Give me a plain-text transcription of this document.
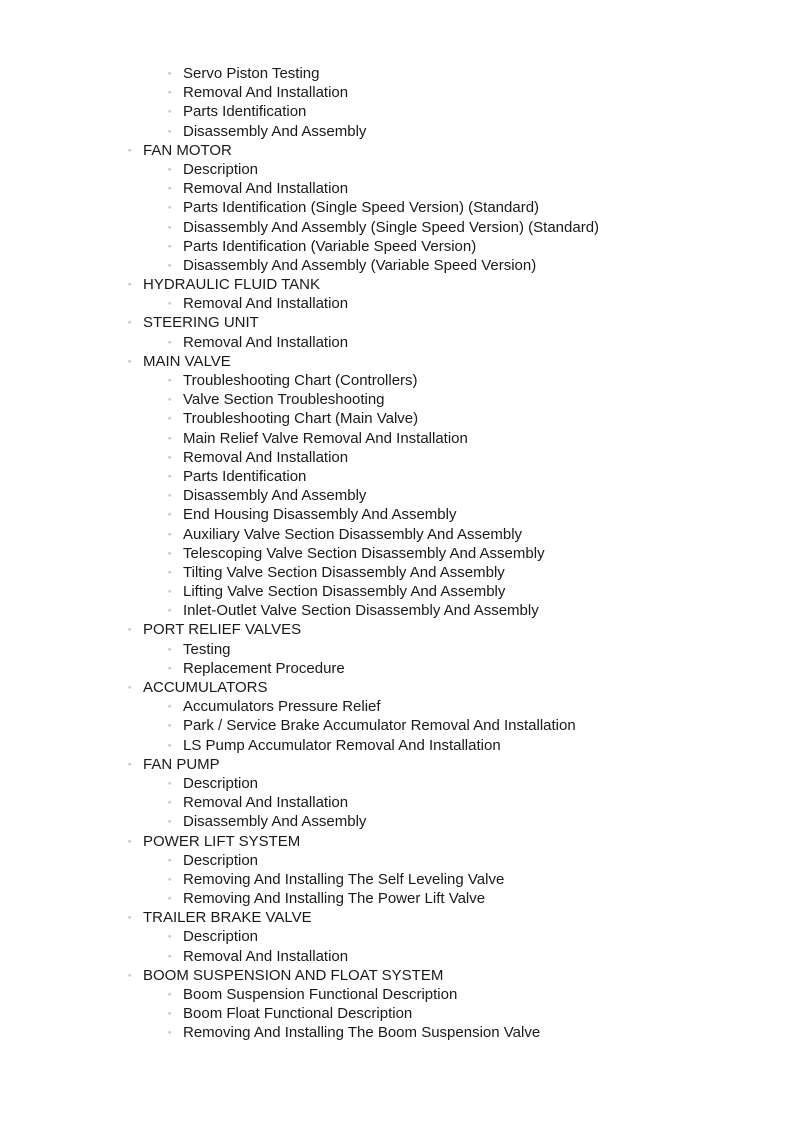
◦ Servo Piston Testing
◦ Removal And Installation
◦ Parts Identification
◦ Disassembly And Assembly
◦ FAN MOTOR
◦ Description
◦ Removal And Installation
◦ Parts Identification (Single Speed Version) (Standard)
◦ Disassembly And Assembly (Single Speed Version) (Standard)
◦ Parts Identification (Variable Speed Version)
◦ Disassembly And Assembly (Variable Speed Version)
◦ HYDRAULIC FLUID TANK
◦ Removal And Installation
◦ STEERING UNIT
◦ Removal And Installation
◦ MAIN VALVE
◦ Troubleshooting Chart (Controllers)
◦ Valve Section Troubleshooting
◦ Troubleshooting Chart (Main Valve)
◦ Main Relief Valve Removal And Installation
◦ Removal And Installation
◦ Parts Identification
◦ Disassembly And Assembly
◦ End Housing Disassembly And Assembly
◦ Auxiliary Valve Section Disassembly And Assembly
◦ Telescoping Valve Section Disassembly And Assembly
◦ Tilting Valve Section Disassembly And Assembly
◦ Lifting Valve Section Disassembly And Assembly
◦ Inlet-Outlet Valve Section Disassembly And Assembly
◦ PORT RELIEF VALVES
◦ Testing
◦ Replacement Procedure
◦ ACCUMULATORS
◦ Accumulators Pressure Relief
◦ Park / Service Brake Accumulator Removal And Installation
◦ LS Pump Accumulator Removal And Installation
◦ FAN PUMP
◦ Description
◦ Removal And Installation
◦ Disassembly And Assembly
◦ POWER LIFT SYSTEM
◦ Description
◦ Removing And Installing The Self Leveling Valve
◦ Removing And Installing The Power Lift Valve
◦ TRAILER BRAKE VALVE
◦ Description
◦ Removal And Installation
◦ BOOM SUSPENSION AND FLOAT SYSTEM
◦ Boom Suspension Functional Description
◦ Boom Float Functional Description
◦ Removing And Installing The Boom Suspension Valve
